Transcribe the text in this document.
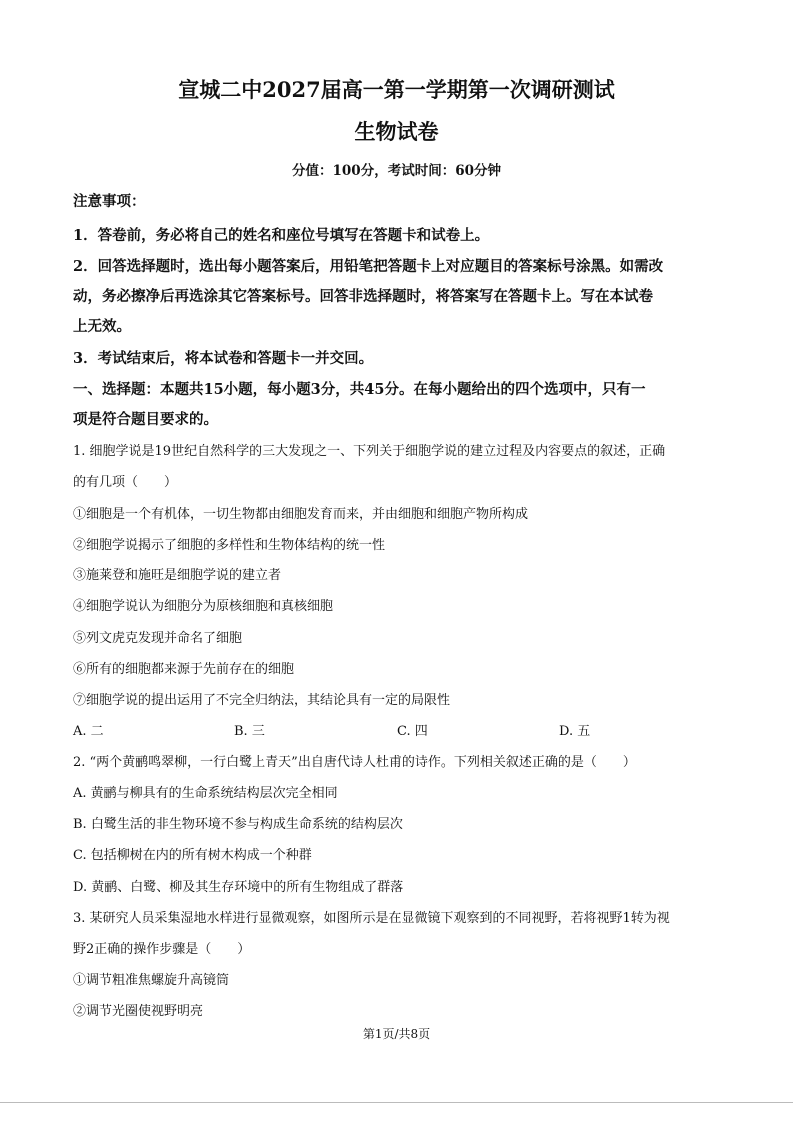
宣城二中2027届高一第一学期第一次调研测试
生物试卷
分值：100分，考试时间：60分钟
注意事项：
1．答卷前，务必将自己的姓名和座位号填写在答题卡和试卷上。
2．回答选择题时，选出每小题答案后，用铅笔把答题卡上对应题目的答案标号涂黑。如需改
动，务必擦净后再选涂其它答案标号。回答非选择题时，将答案写在答题卡上。写在本试卷
上无效。
3．考试结束后，将本试卷和答题卡一并交回。
一、选择题：本题共15小题，每小题3分，共45分。在每小题给出的四个选项中，只有一
项是符合题目要求的。
1. 细胞学说是19世纪自然科学的三大发现之一、下列关于细胞学说的建立过程及内容要点的叙述，正确
的有几项（　　）
①细胞是一个有机体，一切生物都由细胞发育而来，并由细胞和细胞产物所构成
②细胞学说揭示了细胞的多样性和生物体结构的统一性
③施莱登和施旺是细胞学说的建立者
④细胞学说认为细胞分为原核细胞和真核细胞
⑤列文虎克发现并命名了细胞
⑥所有的细胞都来源于先前存在的细胞
⑦细胞学说的提出运用了不完全归纳法，其结论具有一定的局限性
A. 二	B. 三	C. 四	D. 五
2. “两个黄鹂鸣翠柳，一行白鹭上青天”出自唐代诗人杜甫的诗作。下列相关叙述正确的是（　　）
A. 黄鹂与柳具有的生命系统结构层次完全相同
B. 白鹭生活的非生物环境不参与构成生命系统的结构层次
C. 包括柳树在内的所有树木构成一个种群
D. 黄鹂、白鹭、柳及其生存环境中的所有生物组成了群落
3. 某研究人员采集湿地水样进行显微观察，如图所示是在显微镜下观察到的不同视野，若将视野1转为视
野2正确的操作步骤是（　　）
①调节粗准焦螺旋升高镜筒
②调节光圈使视野明亮
第1页/共8页
